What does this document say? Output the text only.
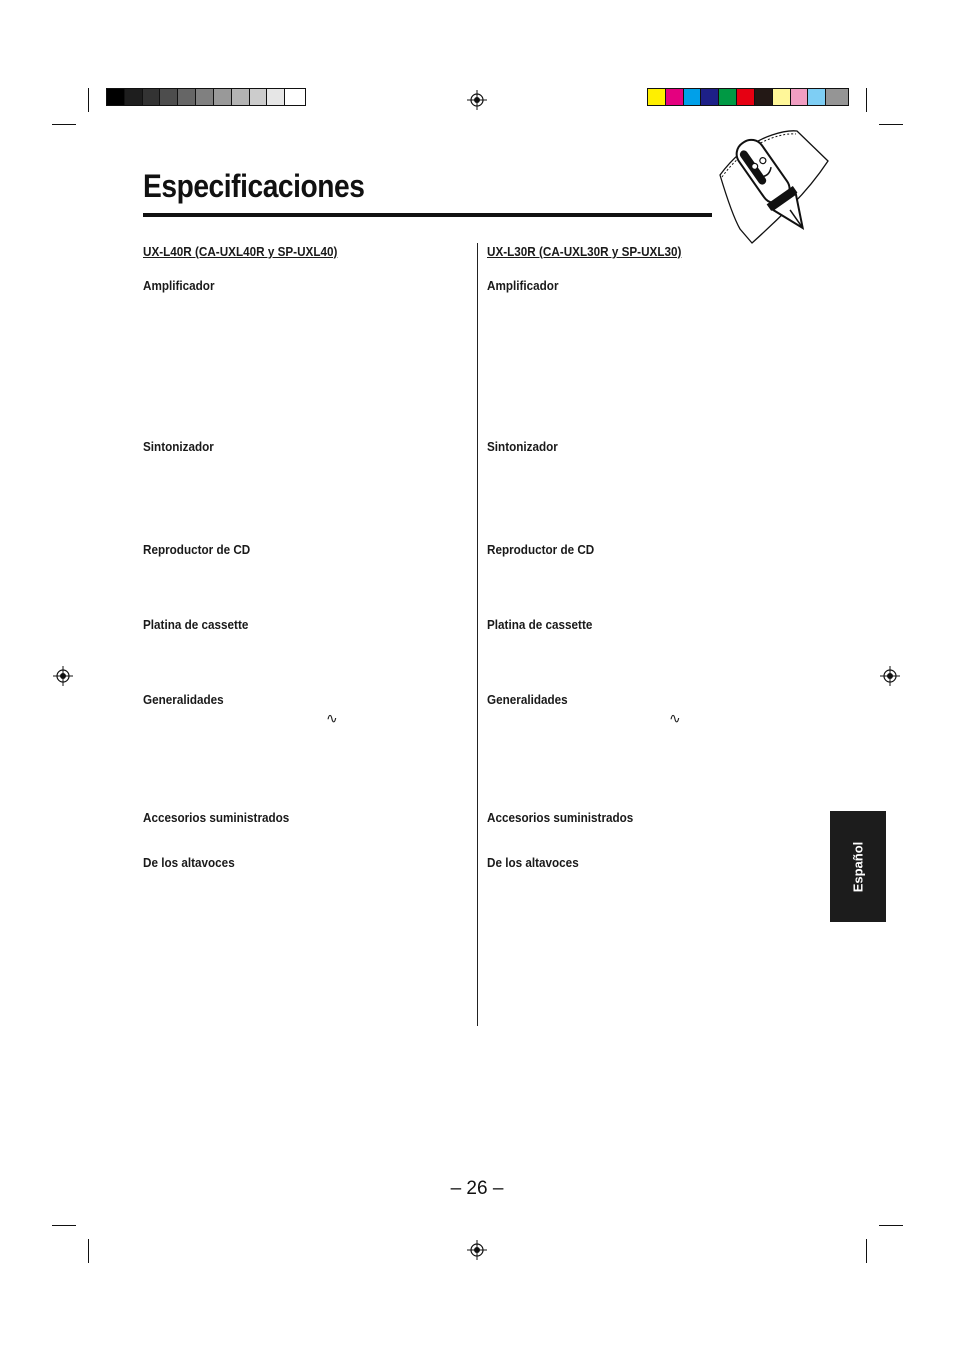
Especificaciones

UX-L40R (CA-UXL40R y SP-UXL40)

Amplificador

Sintonizador

Reproductor de CD

Platina de cassette

Generalidades

∿

Accesorios suministrados

De los altavoces

UX-L30R (CA-UXL30R y SP-UXL30)

Amplificador

Sintonizador

Reproductor de CD

Platina de cassette

Generalidades

∿

Accesorios suministrados

De los altavoces	Español

– 26 –
